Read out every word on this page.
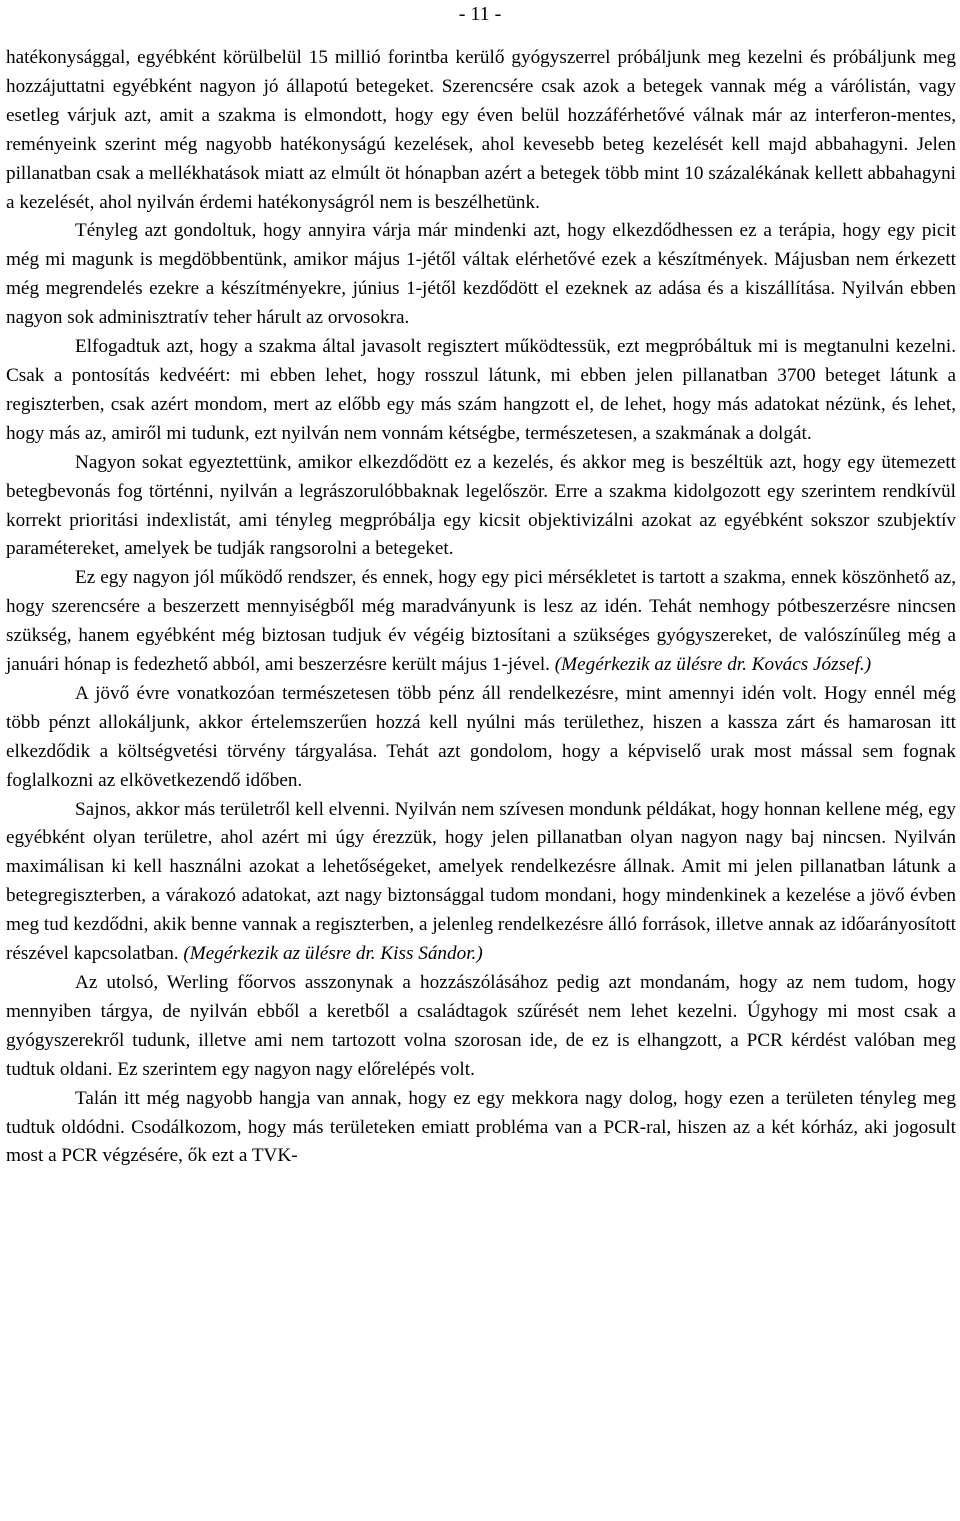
- 11 -

hatékonysággal, egyébként körülbelül 15 millió forintba kerülő gyógyszerrel próbáljunk meg kezelni és próbáljunk meg hozzájuttatni egyébként nagyon jó állapotú betegeket. Szerencsére csak azok a betegek vannak még a várólistán, vagy esetleg várjuk azt, amit a szakma is elmondott, hogy egy éven belül hozzáférhetővé válnak már az interferon-mentes, reményeink szerint még nagyobb hatékonyságú kezelések, ahol kevesebb beteg kezelését kell majd abbahagyni. Jelen pillanatban csak a mellékhatások miatt az elmúlt öt hónapban azért a betegek több mint 10 százalékának kellett abbahagyni a kezelését, ahol nyilván érdemi hatékonyságról nem is beszélhetünk.

Tényleg azt gondoltuk, hogy annyira várja már mindenki azt, hogy elkezdődhessen ez a terápia, hogy egy picit még mi magunk is megdöbbentünk, amikor május 1-jétől váltak elérhetővé ezek a készítmények. Májusban nem érkezett még megrendelés ezekre a készítményekre, június 1-jétől kezdődött el ezeknek az adása és a kiszállítása. Nyilván ebben nagyon sok adminisztratív teher hárult az orvosokra.

Elfogadtuk azt, hogy a szakma által javasolt regisztert működtessük, ezt megpróbáltuk mi is megtanulni kezelni. Csak a pontosítás kedvéért: mi ebben lehet, hogy rosszul látunk, mi ebben jelen pillanatban 3700 beteget látunk a regiszterben, csak azért mondom, mert az előbb egy más szám hangzott el, de lehet, hogy más adatokat nézünk, és lehet, hogy más az, amiről mi tudunk, ezt nyilván nem vonnám kétségbe, természetesen, a szakmának a dolgát.

Nagyon sokat egyeztettünk, amikor elkezdődött ez a kezelés, és akkor meg is beszéltük azt, hogy egy ütemezett betegbevonás fog történni, nyilván a legrászorulóbbaknak legelőször. Erre a szakma kidolgozott egy szerintem rendkívül korrekt prioritási indexlistát, ami tényleg megpróbálja egy kicsit objektivizálni azokat az egyébként sokszor szubjektív paramétereket, amelyek be tudják rangsorolni a betegeket.

Ez egy nagyon jól működő rendszer, és ennek, hogy egy pici mérsékletet is tartott a szakma, ennek köszönhető az, hogy szerencsére a beszerzett mennyiségből még maradványunk is lesz az idén. Tehát nemhogy pótbeszerzésre nincsen szükség, hanem egyébként még biztosan tudjuk év végéig biztosítani a szükséges gyógyszereket, de valószínűleg még a januári hónap is fedezhető abból, ami beszerzésre került május 1-jével. (Megérkezik az ülésre dr. Kovács József.)

A jövő évre vonatkozóan természetesen több pénz áll rendelkezésre, mint amennyi idén volt. Hogy ennél még több pénzt allokáljunk, akkor értelemszerűen hozzá kell nyúlni más területhez, hiszen a kassza zárt és hamarosan itt elkezdődik a költségvetési törvény tárgyalása. Tehát azt gondolom, hogy a képviselő urak most mással sem fognak foglalkozni az elkövetkezendő időben.

Sajnos, akkor más területről kell elvenni. Nyilván nem szívesen mondunk példákat, hogy honnan kellene még, egy egyébként olyan területre, ahol azért mi úgy érezzük, hogy jelen pillanatban olyan nagyon nagy baj nincsen. Nyilván maximálisan ki kell használni azokat a lehetőségeket, amelyek rendelkezésre állnak. Amit mi jelen pillanatban látunk a betegregiszterben, a várakozó adatokat, azt nagy biztonsággal tudom mondani, hogy mindenkinek a kezelése a jövő évben meg tud kezdődni, akik benne vannak a regiszterben, a jelenleg rendelkezésre álló források, illetve annak az időarányosított részével kapcsolatban. (Megérkezik az ülésre dr. Kiss Sándor.)

Az utolsó, Werling főorvos asszonynak a hozzászólásához pedig azt mondanám, hogy az nem tudom, hogy mennyiben tárgya, de nyilván ebből a keretből a családtagok szűrését nem lehet kezelni. Úgyhogy mi most csak a gyógyszerekről tudunk, illetve ami nem tartozott volna szorosan ide, de ez is elhangzott, a PCR kérdést valóban meg tudtuk oldani. Ez szerintem egy nagyon nagy előrelépés volt.

Talán itt még nagyobb hangja van annak, hogy ez egy mekkora nagy dolog, hogy ezen a területen tényleg meg tudtuk oldódni. Csodálkozom, hogy más területeken emiatt probléma van a PCR-ral, hiszen az a két kórház, aki jogosult most a PCR végzésére, ők ezt a TVK-
